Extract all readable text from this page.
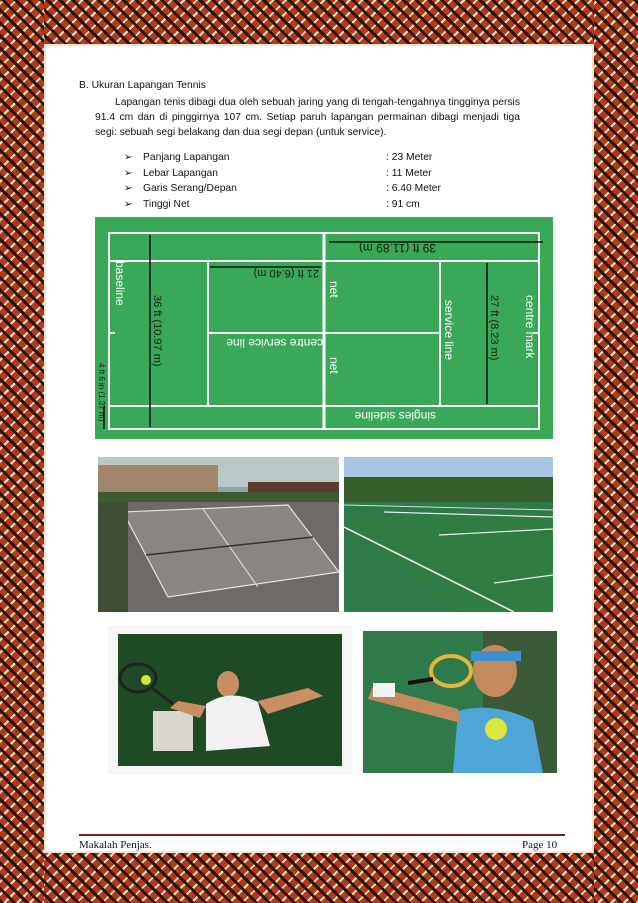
B. Ukuran Lapangan Tennis
Lapangan tenis dibagi dua oleh sebuah jaring yang di tengah-tengahnya tingginya persis 91.4 cm dan di pinggirnya 107 cm. Setiap paruh lapangan permainan dibagi menjadi tiga segi: sebuah segi belakang dan dua segi depan (untuk service).
➢ Panjang Lapangan	: 23 Meter
➢ Lebar Lapangan	: 11 Meter
➢ Garis Serang/Depan	: 6.40 Meter
➢ Tinggi Net	: 91 cm
39 ft (11.89 m)
21 ft (6.40 m)
36 ft (10.97 m)	27 ft (8.23 m)
4 ft 6 in (1.37 m)
baseline	net
net
centre service line	service line	centre mark
singles sideline
Makalah Penjas.	Page 10
